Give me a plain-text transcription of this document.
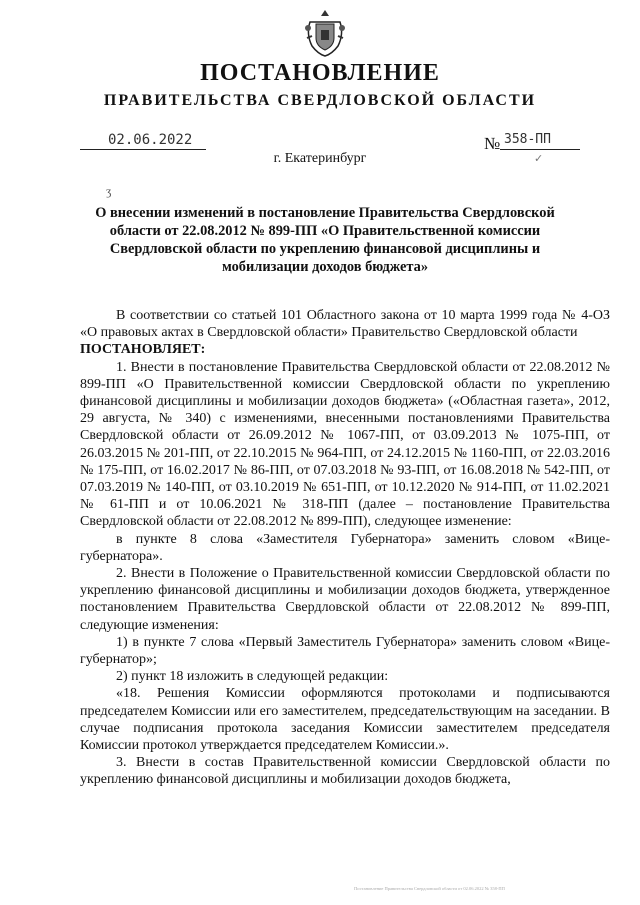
ПОСТАНОВЛЕНИЕ
ПРАВИТЕЛЬСТВА СВЕРДЛОВСКОЙ ОБЛАСТИ
02.06.2022	№ 358-ПП
✓
г. Екатеринбург
ʒ
О внесении изменений в постановление Правительства Свердловской области от 22.08.2012 № 899-ПП «О Правительственной комиссии Свердловской области по укреплению финансовой дисциплины и мобилизации доходов бюджета»

В соответствии со статьей 101 Областного закона от 10 марта 1999 года № 4-ОЗ «О правовых актах в Свердловской области» Правительство Свердловской области

ПОСТАНОВЛЯЕТ:

1. Внести в постановление Правительства Свердловской области от 22.08.2012 № 899-ПП «О Правительственной комиссии Свердловской области по укреплению финансовой дисциплины и мобилизации доходов бюджета» («Областная газета», 2012, 29 августа, № 340) с изменениями, внесенными постановлениями Правительства Свердловской области от 26.09.2012 № 1067-ПП, от 03.09.2013 № 1075-ПП, от 26.03.2015 № 201-ПП, от 22.10.2015 № 964-ПП, от 24.12.2015 № 1160-ПП, от 22.03.2016 № 175-ПП, от 16.02.2017 № 86-ПП, от 07.03.2018 № 93-ПП, от 16.08.2018 № 542-ПП, от 07.03.2019 № 140-ПП, от 03.10.2019 № 651-ПП, от 10.12.2020 № 914-ПП, от 11.02.2021 № 61-ПП и от 10.06.2021 № 318-ПП (далее – постановление Правительства Свердловской области от 22.08.2012 № 899-ПП), следующее изменение:

в пункте 8 слова «Заместителя Губернатора» заменить словом «Вице-губернатора».

2. Внести в Положение о Правительственной комиссии Свердловской области по укреплению финансовой дисциплины и мобилизации доходов бюджета, утвержденное постановлением Правительства Свердловской области от 22.08.2012 № 899-ПП, следующие изменения:

1) в пункте 7 слова «Первый Заместитель Губернатора» заменить словом «Вице-губернатор»;

2) пункт 18 изложить в следующей редакции:

«18. Решения Комиссии оформляются протоколами и подписываются председателем Комиссии или его заместителем, председательствующим на заседании. В случае подписания протокола заседания Комиссии заместителем председателя Комиссии протокол утверждается председателем Комиссии.».

3. Внести в состав Правительственной комиссии Свердловской области по укреплению финансовой дисциплины и мобилизации доходов бюджета,

Постановление Правительства Свердловской области от 02.06.2022 № 358-ПП
